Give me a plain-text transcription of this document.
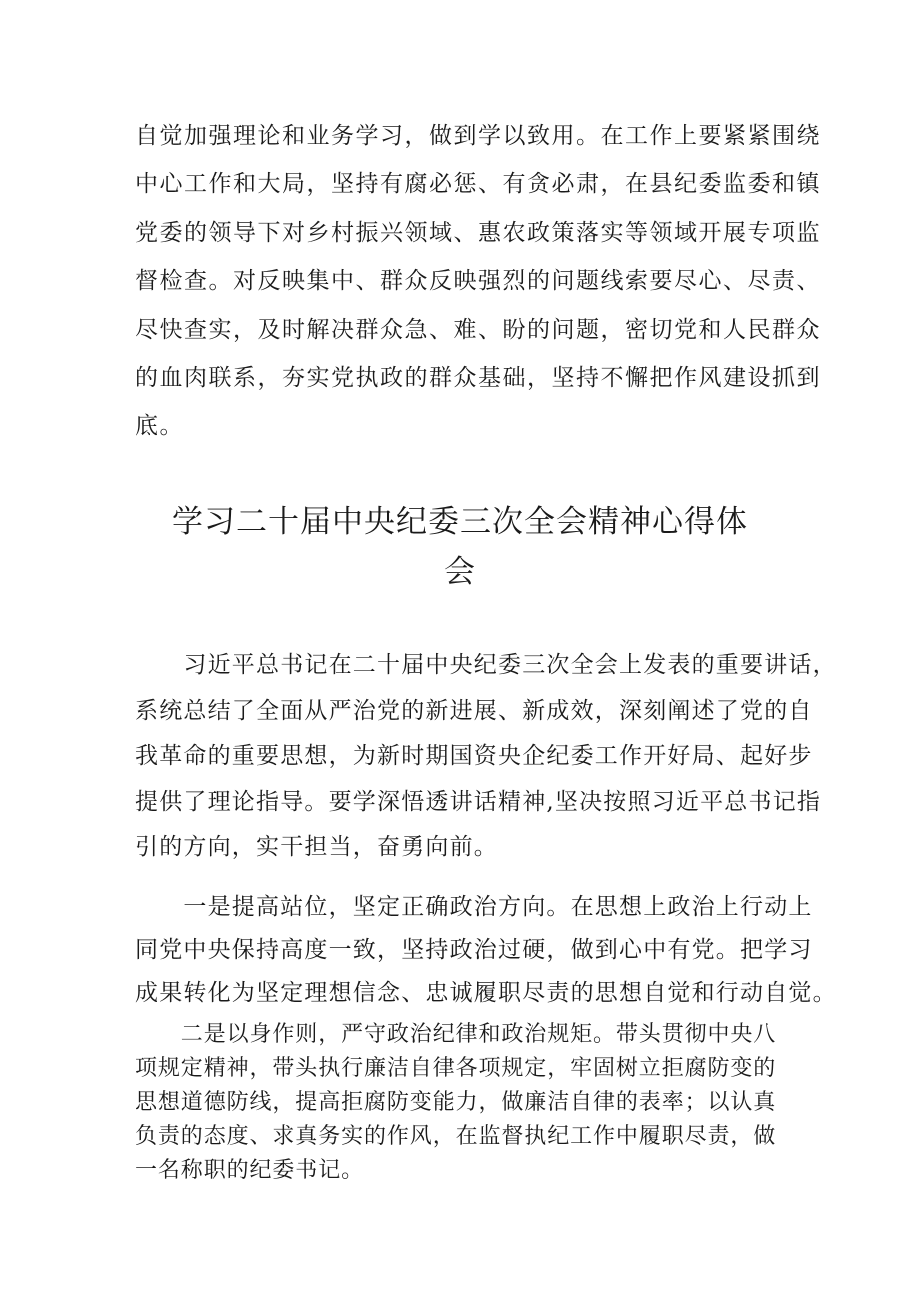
自觉加强理论和业务学习，做到学以致用。在工作上要紧紧围绕
中心工作和大局，坚持有腐必惩、有贪必肃，在县纪委监委和镇
党委的领导下对乡村振兴领域、惠农政策落实等领域开展专项监
督检查。对反映集中、群众反映强烈的问题线索要尽心、尽责、
尽快查实，及时解决群众急、难、盼的问题，密切党和人民群众
的血肉联系，夯实党执政的群众基础，坚持不懈把作风建设抓到
底。
学习二十届中央纪委三次全会精神心得体
会
　　习近平总书记在二十届中央纪委三次全会上发表的重要讲话，
系统总结了全面从严治党的新进展、新成效，深刻阐述了党的自
我革命的重要思想，为新时期国资央企纪委工作开好局、起好步
提供了理论指导。要学深悟透讲话精神,坚决按照习近平总书记指
引的方向，实干担当，奋勇向前。
　　一是提高站位，坚定正确政治方向。在思想上政治上行动上
同党中央保持高度一致，坚持政治过硬，做到心中有党。把学习
成果转化为坚定理想信念、忠诚履职尽责的思想自觉和行动自觉。
　　二是以身作则，严守政治纪律和政治规矩。带头贯彻中央八
项规定精神，带头执行廉洁自律各项规定，牢固树立拒腐防变的
思想道德防线，提高拒腐防变能力，做廉洁自律的表率；以认真
负责的态度、求真务实的作风，在监督执纪工作中履职尽责，做
一名称职的纪委书记。
